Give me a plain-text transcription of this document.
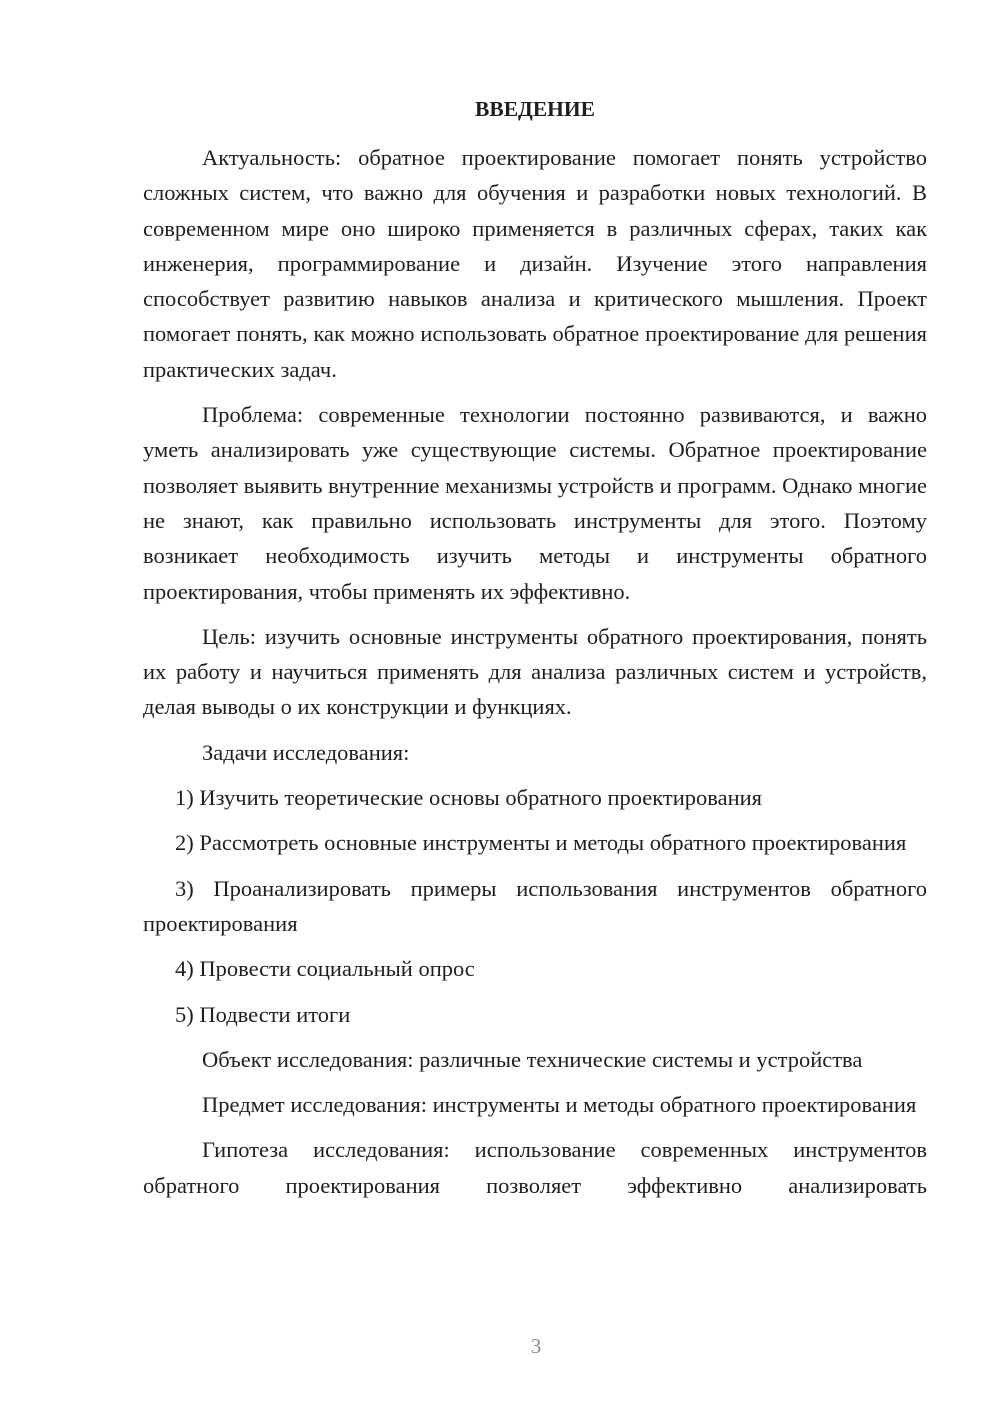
ВВЕДЕНИЕ

Актуальность: обратное проектирование помогает понять устройство сложных систем, что важно для обучения и разработки новых технологий. В современном мире оно широко применяется в различных сферах, таких как инженерия, программирование и дизайн. Изучение этого направления способствует развитию навыков анализа и критического мышления. Проект помогает понять, как можно использовать обратное проектирование для решения практических задач.

Проблема: современные технологии постоянно развиваются, и важно уметь анализировать уже существующие системы. Обратное проектирование позволяет выявить внутренние механизмы устройств и программ. Однако многие не знают, как правильно использовать инструменты для этого. Поэтому возникает необходимость изучить методы и инструменты обратного проектирования, чтобы применять их эффективно.

Цель: изучить основные инструменты обратного проектирования, понять их работу и научиться применять для анализа различных систем и устройств, делая выводы о их конструкции и функциях.

Задачи исследования:

1) Изучить теоретические основы обратного проектирования

2) Рассмотреть основные инструменты и методы обратного проектирования

3) Проанализировать примеры использования инструментов обратного проектирования

4) Провести социальный опрос

5) Подвести итоги

Объект исследования: различные технические системы и устройства

Предмет исследования: инструменты и методы обратного проектирования

Гипотеза исследования: использование современных инструментов обратного проектирования позволяет эффективно анализировать

3
